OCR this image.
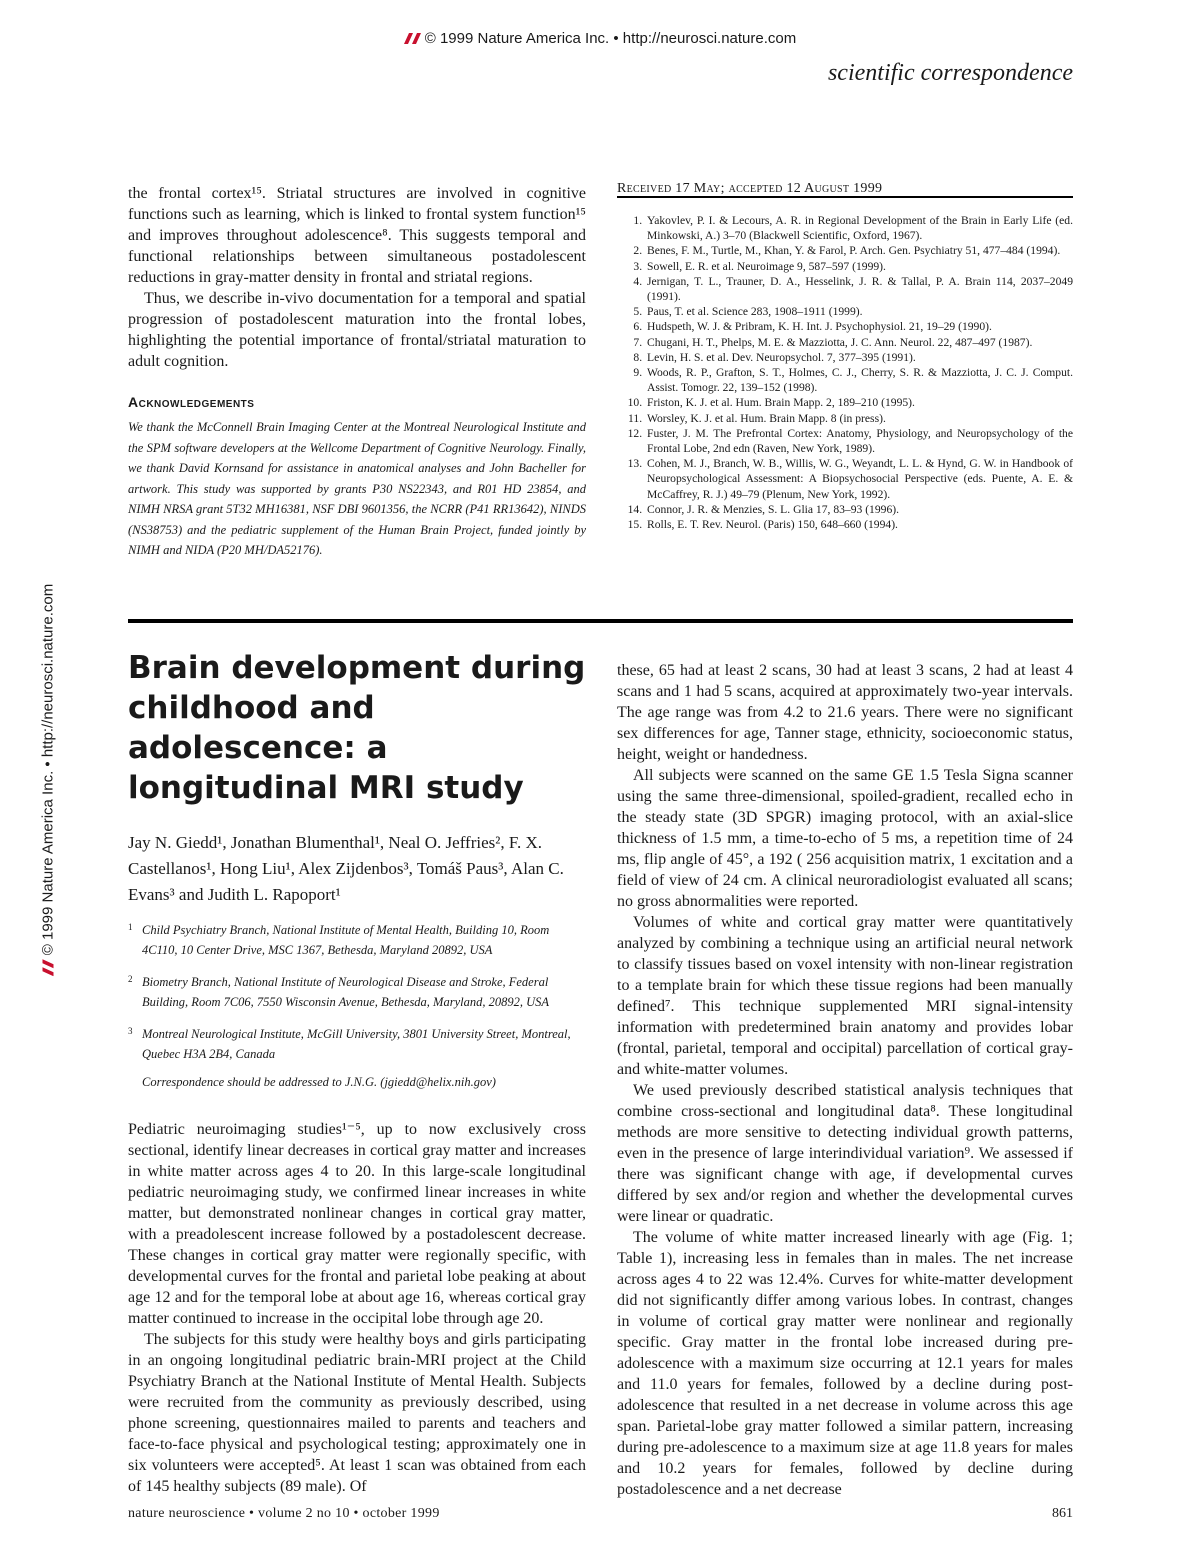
© 1999 Nature America Inc. • http://neurosci.nature.com
scientific correspondence
© 1999 Nature America Inc. • http://neurosci.nature.com

the frontal cortex¹⁵. Striatal structures are involved in cognitive functions such as learning, which is linked to frontal system function¹⁵ and improves throughout adolescence⁸. This suggests temporal and functional relationships between simultaneous postadolescent reductions in gray-matter density in frontal and striatal regions.

Thus, we describe in-vivo documentation for a temporal and spatial progression of postadolescent maturation into the frontal lobes, highlighting the potential importance of frontal/striatal maturation to adult cognition.

Acknowledgements
We thank the McConnell Brain Imaging Center at the Montreal Neurological Institute and the SPM software developers at the Wellcome Department of Cognitive Neurology. Finally, we thank David Kornsand for assistance in anatomical analyses and John Bacheller for artwork. This study was supported by grants P30 NS22343, and R01 HD 23854, and NIMH NRSA grant 5T32 MH16381, NSF DBI 9601356, the NCRR (P41 RR13642), NINDS (NS38753) and the pediatric supplement of the Human Brain Project, funded jointly by NIMH and NIDA (P20 MH/DA52176).
Received 17 May; accepted 12 August 1999
1. Yakovlev, P. I. & Lecours, A. R. in Regional Development of the Brain in Early Life (ed. Minkowski, A.) 3–70 (Blackwell Scientific, Oxford, 1967).
2. Benes, F. M., Turtle, M., Khan, Y. & Farol, P. Arch. Gen. Psychiatry 51, 477–484 (1994).
3. Sowell, E. R. et al. Neuroimage 9, 587–597 (1999).
4. Jernigan, T. L., Trauner, D. A., Hesselink, J. R. & Tallal, P. A. Brain 114, 2037–2049 (1991).
5. Paus, T. et al. Science 283, 1908–1911 (1999).
6. Hudspeth, W. J. & Pribram, K. H. Int. J. Psychophysiol. 21, 19–29 (1990).
7. Chugani, H. T., Phelps, M. E. & Mazziotta, J. C. Ann. Neurol. 22, 487–497 (1987).
8. Levin, H. S. et al. Dev. Neuropsychol. 7, 377–395 (1991).
9. Woods, R. P., Grafton, S. T., Holmes, C. J., Cherry, S. R. & Mazziotta, J. C. J. Comput. Assist. Tomogr. 22, 139–152 (1998).
10. Friston, K. J. et al. Hum. Brain Mapp. 2, 189–210 (1995).
11. Worsley, K. J. et al. Hum. Brain Mapp. 8 (in press).
12. Fuster, J. M. The Prefrontal Cortex: Anatomy, Physiology, and Neuropsychology of the Frontal Lobe, 2nd edn (Raven, New York, 1989).
13. Cohen, M. J., Branch, W. B., Willis, W. G., Weyandt, L. L. & Hynd, G. W. in Handbook of Neuropsychological Assessment: A Biopsychosocial Perspective (eds. Puente, A. E. & McCaffrey, R. J.) 49–79 (Plenum, New York, 1992).
14. Connor, J. R. & Menzies, S. L. Glia 17, 83–93 (1996).
15. Rolls, E. T. Rev. Neurol. (Paris) 150, 648–660 (1994).
Brain development during childhood and adolescence: a longitudinal MRI study
Jay N. Giedd¹, Jonathan Blumenthal¹, Neal O. Jeffries², F. X. Castellanos¹, Hong Liu¹, Alex Zijdenbos³, Tomáš Paus³, Alan C. Evans³ and Judith L. Rapoport¹
1 Child Psychiatry Branch, National Institute of Mental Health, Building 10, Room 4C110, 10 Center Drive, MSC 1367, Bethesda, Maryland 20892, USA
2 Biometry Branch, National Institute of Neurological Disease and Stroke, Federal Building, Room 7C06, 7550 Wisconsin Avenue, Bethesda, Maryland, 20892, USA
3 Montreal Neurological Institute, McGill University, 3801 University Street, Montreal, Quebec H3A 2B4, Canada
Correspondence should be addressed to J.N.G. (jgiedd@helix.nih.gov)

Pediatric neuroimaging studies¹⁻⁵, up to now exclusively cross sectional, identify linear decreases in cortical gray matter and increases in white matter across ages 4 to 20. In this large-scale longitudinal pediatric neuroimaging study, we confirmed linear increases in white matter, but demonstrated nonlinear changes in cortical gray matter, with a preadolescent increase followed by a postadolescent decrease. These changes in cortical gray matter were regionally specific, with developmental curves for the frontal and parietal lobe peaking at about age 12 and for the temporal lobe at about age 16, whereas cortical gray matter continued to increase in the occipital lobe through age 20.

The subjects for this study were healthy boys and girls participating in an ongoing longitudinal pediatric brain-MRI project at the Child Psychiatry Branch at the National Institute of Mental Health. Subjects were recruited from the community as previously described, using phone screening, questionnaires mailed to parents and teachers and face-to-face physical and psychological testing; approximately one in six volunteers were accepted⁵. At least 1 scan was obtained from each of 145 healthy subjects (89 male). Of

these, 65 had at least 2 scans, 30 had at least 3 scans, 2 had at least 4 scans and 1 had 5 scans, acquired at approximately two-year intervals. The age range was from 4.2 to 21.6 years. There were no significant sex differences for age, Tanner stage, ethnicity, socioeconomic status, height, weight or handedness.

All subjects were scanned on the same GE 1.5 Tesla Signa scanner using the same three-dimensional, spoiled-gradient, recalled echo in the steady state (3D SPGR) imaging protocol, with an axial-slice thickness of 1.5 mm, a time-to-echo of 5 ms, a repetition time of 24 ms, flip angle of 45°, a 192 ( 256 acquisition matrix, 1 excitation and a field of view of 24 cm. A clinical neuroradiologist evaluated all scans; no gross abnormalities were reported.

Volumes of white and cortical gray matter were quantitatively analyzed by combining a technique using an artificial neural network to classify tissues based on voxel intensity with non-linear registration to a template brain for which these tissue regions had been manually defined⁷. This technique supplemented MRI signal-intensity information with predetermined brain anatomy and provides lobar (frontal, parietal, temporal and occipital) parcellation of cortical gray- and white-matter volumes.

We used previously described statistical analysis techniques that combine cross-sectional and longitudinal data⁸. These longitudinal methods are more sensitive to detecting individual growth patterns, even in the presence of large interindividual variation⁹. We assessed if there was significant change with age, if developmental curves differed by sex and/or region and whether the developmental curves were linear or quadratic.

The volume of white matter increased linearly with age (Fig. 1; Table 1), increasing less in females than in males. The net increase across ages 4 to 22 was 12.4%. Curves for white-matter development did not significantly differ among various lobes. In contrast, changes in volume of cortical gray matter were nonlinear and regionally specific. Gray matter in the frontal lobe increased during pre-adolescence with a maximum size occurring at 12.1 years for males and 11.0 years for females, followed by a decline during post-adolescence that resulted in a net decrease in volume across this age span. Parietal-lobe gray matter followed a similar pattern, increasing during pre-adolescence to a maximum size at age 11.8 years for males and 10.2 years for females, followed by decline during postadolescence and a net decrease

nature neuroscience • volume 2 no 10 • october 1999	861
